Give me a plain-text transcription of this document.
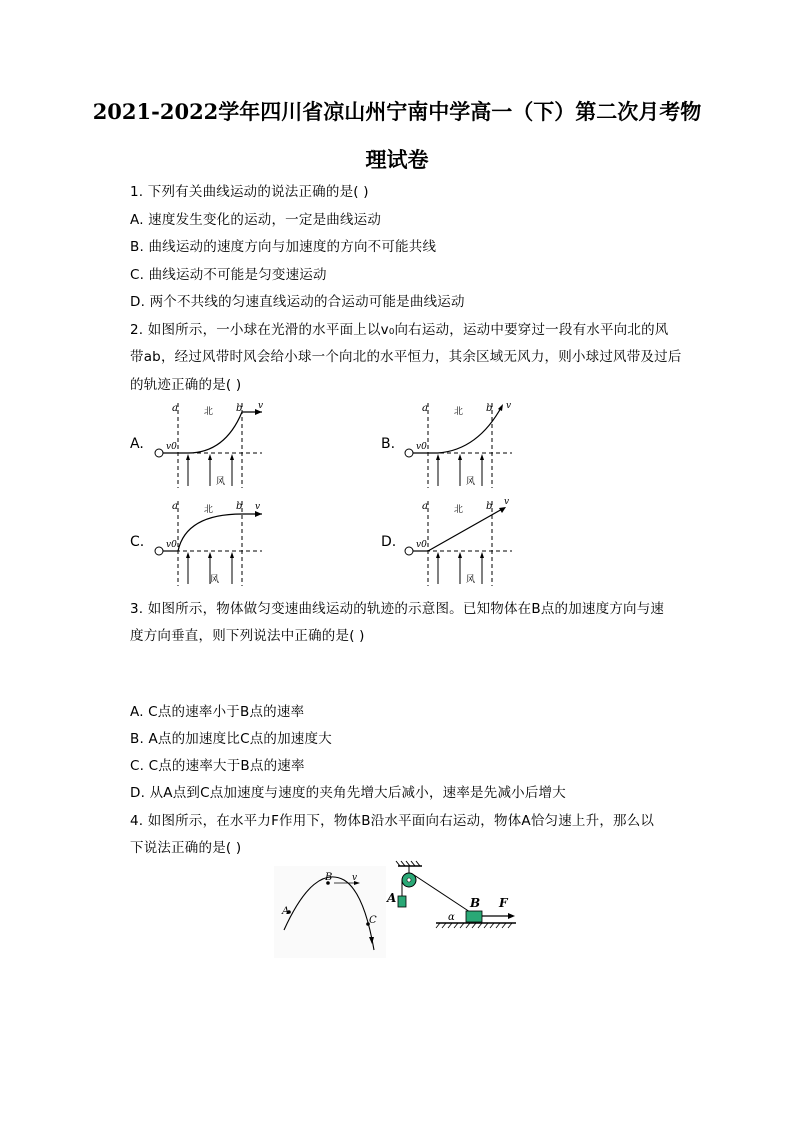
2021-2022学年四川省凉山州宁南中学高一（下）第二次月考物
理试卷
1. 下列有关曲线运动的说法正确的是( )
A. 速度发生变化的运动，一定是曲线运动
B. 曲线运动的速度方向与加速度的方向不可能共线
C. 曲线运动不可能是匀变速运动
D. 两个不共线的匀速直线运动的合运动可能是曲线运动
2. 如图所示，一小球在光滑的水平面上以v₀向右运动，运动中要穿过一段有水平向北的风
带ab，经过风带时风会给小球一个向北的水平恒力，其余区域无风力，则小球过风带及过后
的轨迹正确的是( )
A.	B.
C.	D.
a	b
北
风
v0
v	a	b
北
风
v0
v
a	b
北
风
v0
v	a	b
北
风
v0
v
3. 如图所示，物体做匀变速曲线运动的轨迹的示意图。已知物体在B点的加速度方向与速
度方向垂直，则下列说法中正确的是( )
A. C点的速率小于B点的速率
B. A点的加速度比C点的加速度大
C. C点的速率大于B点的速率
D. 从A点到C点加速度与速度的夹角先增大后减小，速率是先减小后增大
4. 如图所示，在水平力F作用下，物体B沿水平面向右运动，物体A恰匀速上升，那么以
下说法正确的是( )
A
B
C
v
A	B F
α
